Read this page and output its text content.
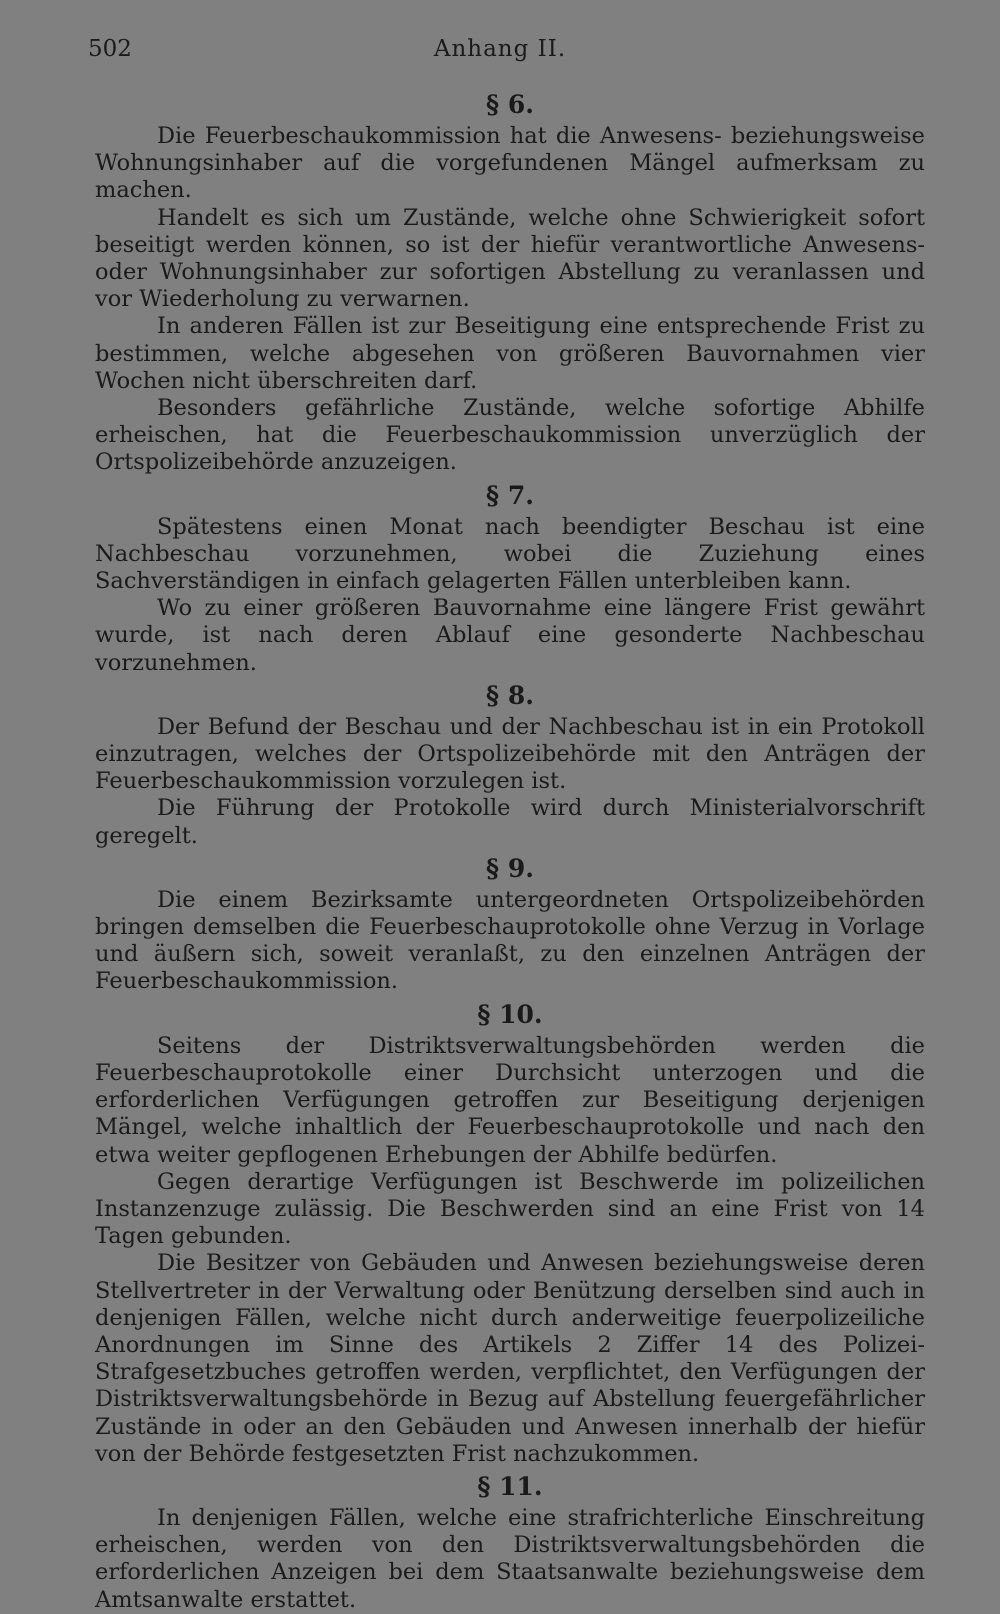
502	Anhang II.
§ 6.

Die Feuerbeschaukommission hat die Anwesens- beziehungsweise Wohnungsinhaber auf die vorgefundenen Mängel aufmerksam zu machen.

Handelt es sich um Zustände, welche ohne Schwierigkeit sofort beseitigt werden können, so ist der hiefür verantwortliche Anwesens- oder Wohnungsinhaber zur sofortigen Abstellung zu veranlassen und vor Wiederholung zu verwarnen.

In anderen Fällen ist zur Beseitigung eine entsprechende Frist zu bestimmen, welche abgesehen von größeren Bauvornahmen vier Wochen nicht überschreiten darf.

Besonders gefährliche Zustände, welche sofortige Abhilfe erheischen, hat die Feuerbeschaukommission unverzüglich der Ortspolizeibehörde anzuzeigen.

§ 7.

Spätestens einen Monat nach beendigter Beschau ist eine Nachbeschau vorzunehmen, wobei die Zuziehung eines Sachverständigen in einfach gelagerten Fällen unterbleiben kann.

Wo zu einer größeren Bauvornahme eine längere Frist gewährt wurde, ist nach deren Ablauf eine gesonderte Nachbeschau vorzunehmen.

§ 8.

Der Befund der Beschau und der Nachbeschau ist in ein Protokoll einzutragen, welches der Ortspolizeibehörde mit den Anträgen der Feuerbeschaukommission vorzulegen ist.

Die Führung der Protokolle wird durch Ministerialvorschrift geregelt.

§ 9.

Die einem Bezirksamte untergeordneten Ortspolizeibehörden bringen demselben die Feuerbeschauprotokolle ohne Verzug in Vorlage und äußern sich, soweit veranlaßt, zu den einzelnen Anträgen der Feuerbeschaukommission.

§ 10.

Seitens der Distriktsverwaltungsbehörden werden die Feuerbeschauprotokolle einer Durchsicht unterzogen und die erforderlichen Verfügungen getroffen zur Beseitigung derjenigen Mängel, welche inhaltlich der Feuerbeschauprotokolle und nach den etwa weiter gepflogenen Erhebungen der Abhilfe bedürfen.

Gegen derartige Verfügungen ist Beschwerde im polizeilichen Instanzenzuge zulässig. Die Beschwerden sind an eine Frist von 14 Tagen gebunden.

Die Besitzer von Gebäuden und Anwesen beziehungsweise deren Stellvertreter in der Verwaltung oder Benützung derselben sind auch in denjenigen Fällen, welche nicht durch anderweitige feuerpolizeiliche Anordnungen im Sinne des Artikels 2 Ziffer 14 des Polizei-Strafgesetzbuches getroffen werden, verpflichtet, den Verfügungen der Distriktsverwaltungsbehörde in Bezug auf Abstellung feuergefährlicher Zustände in oder an den Gebäuden und Anwesen innerhalb der hiefür von der Behörde festgesetzten Frist nachzukommen.

§ 11.

In denjenigen Fällen, welche eine strafrichterliche Einschreitung erheischen, werden von den Distriktsverwaltungsbehörden die erforderlichen Anzeigen bei dem Staatsanwalte beziehungsweise dem Amtsanwalte erstattet.
